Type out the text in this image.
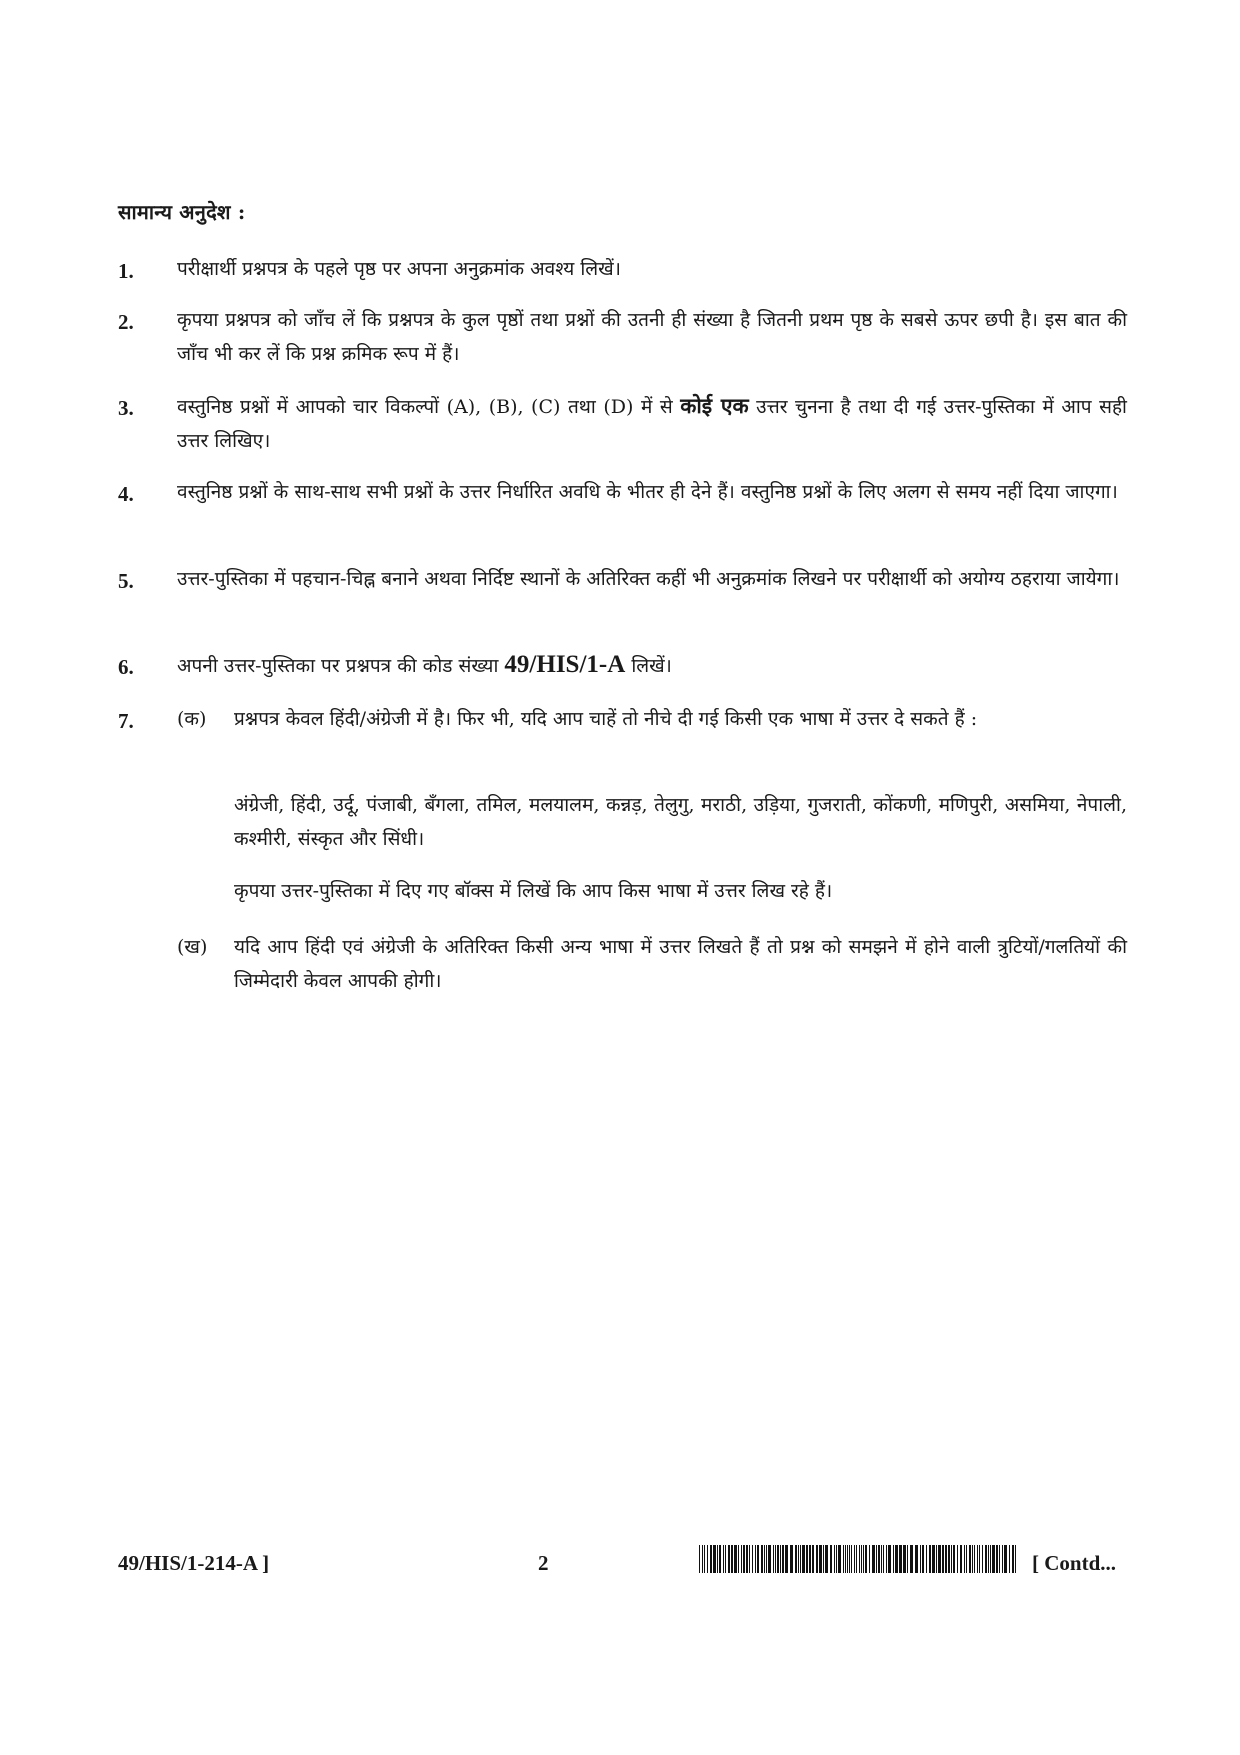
सामान्य अनुदेश :
1. परीक्षार्थी प्रश्नपत्र के पहले पृष्ठ पर अपना अनुक्रमांक अवश्य लिखें।
2. कृपया प्रश्नपत्र को जाँच लें कि प्रश्नपत्र के कुल पृष्ठों तथा प्रश्नों की उतनी ही संख्या है जितनी प्रथम पृष्ठ के सबसे ऊपर छपी है। इस बात की जाँच भी कर लें कि प्रश्न क्रमिक रूप में हैं।
3. वस्तुनिष्ठ प्रश्नों में आपको चार विकल्पों (A), (B), (C) तथा (D) में से कोई एक उत्तर चुनना है तथा दी गई उत्तर-पुस्तिका में आप सही उत्तर लिखिए।
4. वस्तुनिष्ठ प्रश्नों के साथ-साथ सभी प्रश्नों के उत्तर निर्धारित अवधि के भीतर ही देने हैं। वस्तुनिष्ठ प्रश्नों के लिए अलग से समय नहीं दिया जाएगा।
5. उत्तर-पुस्तिका में पहचान-चिह्न बनाने अथवा निर्दिष्ट स्थानों के अतिरिक्त कहीं भी अनुक्रमांक लिखने पर परीक्षार्थी को अयोग्य ठहराया जायेगा।
6. अपनी उत्तर-पुस्तिका पर प्रश्नपत्र की कोड संख्या 49/HIS/1-A लिखें।
7. (क)	प्रश्नपत्र केवल हिंदी/अंग्रेजी में है। फिर भी, यदि आप चाहें तो नीचे दी गई किसी एक भाषा में उत्तर दे सकते हैं :
अंग्रेजी, हिंदी, उर्दू, पंजाबी, बँगला, तमिल, मलयालम, कन्नड़, तेलुगु, मराठी, उड़िया, गुजराती, कोंकणी, मणिपुरी, असमिया, नेपाली, कश्मीरी, संस्कृत और सिंधी।
कृपया उत्तर-पुस्तिका में दिए गए बॉक्स में लिखें कि आप किस भाषा में उत्तर लिख रहे हैं।
(ख)	यदि आप हिंदी एवं अंग्रेजी के अतिरिक्त किसी अन्य भाषा में उत्तर लिखते हैं तो प्रश्न को समझने में होने वाली त्रुटियों/गलतियों की जिम्मेदारी केवल आपकी होगी।
49/HIS/1-214-A ]	2	[ Contd...
